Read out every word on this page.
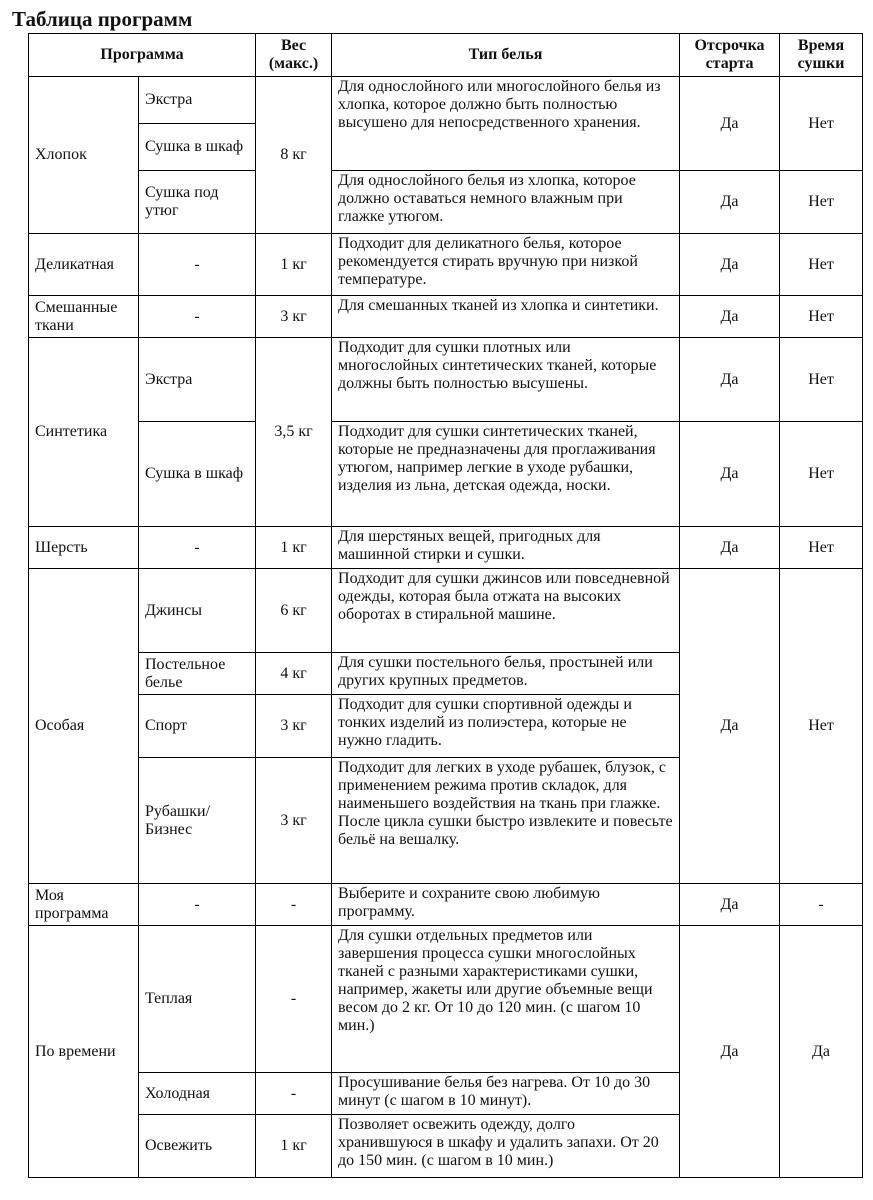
Таблица программ
Программа		Вес (макс.)	Тип белья	Отсрочка старта	Время сушки
Хлопок	Экстра	8 кг	Для однослойного или многослойного белья из хлопка, которое должно быть полностью высушено для непосредственного хранения.	Да	Нет
	Сушка в шкаф				
	Сушка под утюг		Для однослойного белья из хлопка, которое должно оставаться немного влажным при глажке утюгом.	Да	Нет
Деликатная	-	1 кг	Подходит для деликатного белья, которое рекомендуется стирать вручную при низкой температуре.	Да	Нет
Смешанные ткани	-	3 кг	Для смешанных тканей из хлопка и синтетики.	Да	Нет
Синтетика	Экстра	3,5 кг	Подходит для сушки плотных или многослойных синтетических тканей, которые должны быть полностью высушены.	Да	Нет
	Сушка в шкаф		Подходит для сушки синтетических тканей, которые не предназначены для проглаживания утюгом, например легкие в уходе рубашки, изделия из льна, детская одежда, носки.	Да	Нет
Шерсть	-	1 кг	Для шерстяных вещей, пригодных для машинной стирки и сушки.	Да	Нет
Особая	Джинсы	6 кг	Подходит для сушки джинсов или повседневной одежды, которая была отжата на высоких оборотах в стиральной машине.	Да	Нет
	Постельное белье	4 кг	Для сушки постельного белья, простыней или других крупных предметов.		
	Спорт	3 кг	Подходит для сушки спортивной одежды и тонких изделий из полиэстера, которые не нужно гладить.		
	Рубашки/ Бизнес	3 кг	Подходит для легких в уходе рубашек, блузок, с применением режима против складок, для наименьшего воздействия на ткань при глажке. После цикла сушки быстро извлеките и повесьте бельё на вешалку.		
Моя программа	-	-	Выберите и сохраните свою любимую программу.	Да	-
По времени	Теплая	-	Для сушки отдельных предметов или завершения процесса сушки многослойных тканей с разными характеристиками сушки, например, жакеты или другие объемные вещи весом до 2 кг. От 10 до 120 мин. (с шагом 10 мин.)	Да	Да
	Холодная	-	Просушивание белья без нагрева. От 10 до 30 минут (с шагом в 10 минут).		
	Освежить	1 кг	Позволяет освежить одежду, долго хранившуюся в шкафу и удалить запахи. От 20 до 150 мин. (с шагом в 10 мин.)		
